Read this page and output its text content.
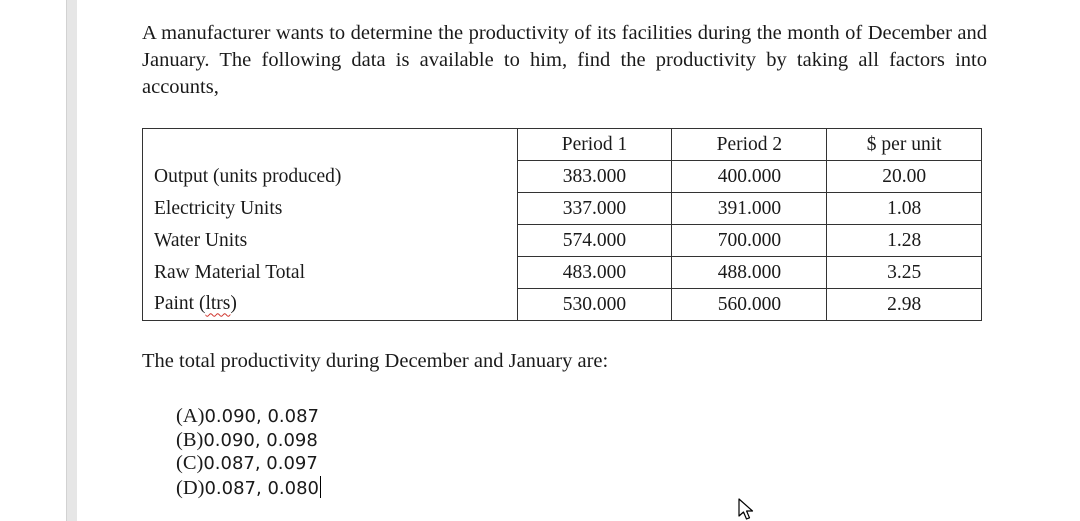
A manufacturer wants to determine the productivity of its facilities during the month of December and January. The following data is available to him, find the productivity by taking all factors into accounts,

	Period 1	Period 2	$ per unit
Output (units produced)	383.000	400.000	20.00
Electricity Units	337.000	391.000	1.08
Water Units	574.000	700.000	1.28
Raw Material Total	483.000	488.000	3.25
Paint (ltrs)	530.000	560.000	2.98

The total productivity during December and January are:

(A)0.090, 0.087
(B)0.090, 0.098
(C)0.087, 0.097
(D)0.087, 0.080
